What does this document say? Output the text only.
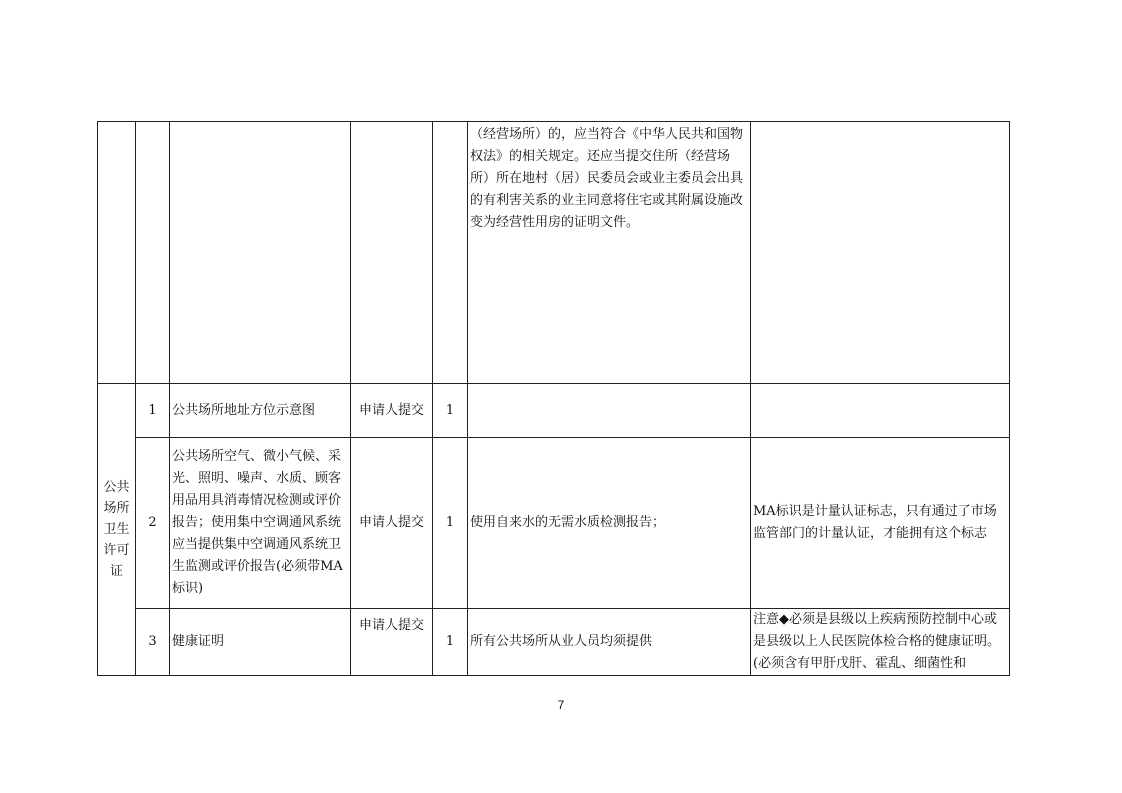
					（经营场所）的，应当符合《中华人民共和国物权法》的相关规定。还应当提交住所（经营场所）所在地村（居）民委员会或业主委员会出具的有利害关系的业主同意将住宅或其附属设施改变为经营性用房的证明文件。	
公共场所卫生许可证	1	公共场所地址方位示意图	申请人提交	1		
	2	公共场所空气、微小气候、采光、照明、噪声、水质、顾客用品用具消毒情况检测或评价报告；使用集中空调通风系统应当提供集中空调通风系统卫生监测或评价报告(必须带MA标识)	申请人提交	1	使用自来水的无需水质检测报告；	MA标识是计量认证标志，只有通过了市场监管部门的计量认证，才能拥有这个标志
	3	健康证明	申请人提交	1	所有公共场所从业人员均须提供	注意◆必须是县级以上疾病预防控制中心或是县级以上人民医院体检合格的健康证明。(必须含有甲肝戊肝、霍乱、细菌性和
7
